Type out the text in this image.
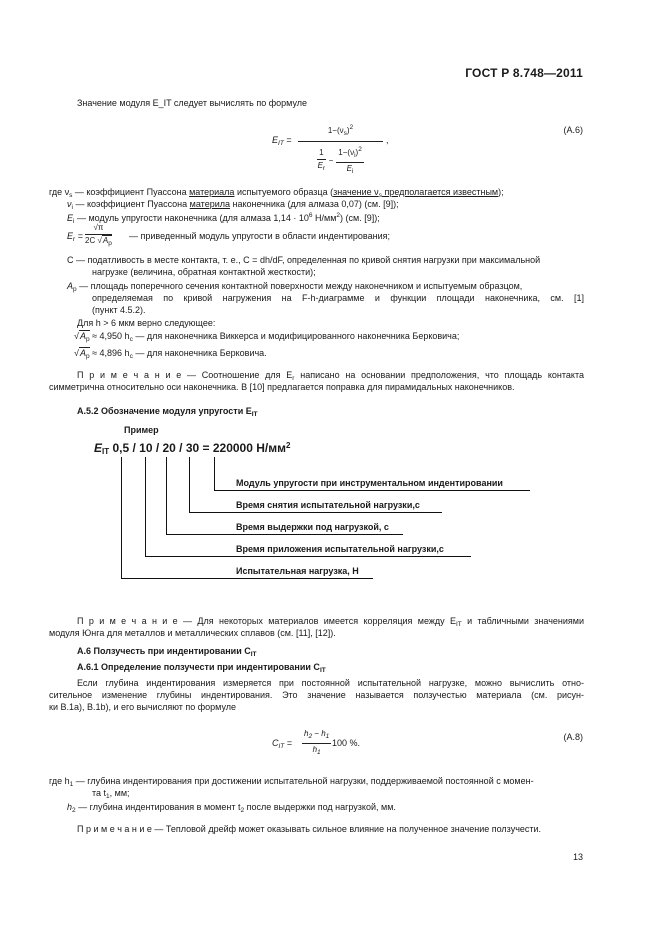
ГОСТ Р 8.748—2011
Значение модуля E_IT следует вычислять по формуле
$E_{IT}$ =
$1-(\nu_s)^2$
$\frac{1}{E_r} - \frac{1-(\nu_i)^2}{E_i}$
,
(А.6)
где $\nu_s$ — коэффициент Пуассона материала испытуемого образца (значение $\nu_s$ предполагается известным);
$\nu_i$ — коэффициент Пуассона материла наконечника (для алмаза 0,07) (см. [9]);
$E_i$ — модуль упругости наконечника (для алмаза $1,14 \cdot 10^6$ $Н/мм^2$) (см. [9]);
$E_r = \frac{√\pi}{2C √A_p}$ — приведенный модуль упругости в области индентирования;
C — податливость в месте контакта, т. е., C = dh/dF, определенная по кривой снятия нагрузки при максимальной
нагрузке (величина, обратная контактной жесткости);
$A_p$ — площадь поперечного сечения контактной поверхности между наконечником и испытуемым образцом,
определяемая по кривой нагружения на F-h-диаграмме и функции площади наконечника, см. [1]
(пункт 4.5.2).
Для h > 6 мкм верно следующее:
$√A_p \approx 4,950$ $h_c$ — для наконечника Виккерса и модифицированного наконечника Берковича;
$√A_p \approx 4,896$ $h_c$ — для наконечника Берковича.
П р и м е ч а н и е — Соотношение для $E_r$ написано на основании предположения, что площадь контакта
симметрична относительно оси наконечника. В [10] предлагается поправка для пирамидальных наконечников.
А.5.2 Обозначение модуля упругости $E_{IT}$
Пример
$E_{IT}$ 0,5 / 10 / 20 / 30 = 220000 $Н/мм^2$
Модуль упругости при инструментальном индентировании
Время снятия испытательной нагрузки,с
Время выдержки под нагрузкой, с
Время приложения испытательной нагрузки,с
Испытательная нагрузка, Н
П р и м е ч а н и е — Для некоторых материалов имеется корреляция между $E_{IT}$ и табличными значениями
модуля Юнга для металлов и металлических сплавов (см. [11], [12]).
А.6 Ползучесть при индентировании $C_{IT}$
А.6.1 Определение ползучести при индентировании $C_{IT}$
Если глубина индентирования измеряется при постоянной испытательной нагрузке, можно вычислить отно-
сительное изменение глубины индентирования. Это значение называется ползучестью материала (см. рисун-
ки В.1а), В.1b), и его вычисляют по формуле
$C_{IT} = \frac{h_2 - h_1}{h_1} 100$ %.
(А.8)
где $h_1$ — глубина индентирования при достижении испытательной нагрузки, поддерживаемой постоянной с момен-
та $t_1$, мм;
$h_2$ — глубина индентирования в момент $t_2$ после выдержки под нагрузкой, мм.
П р и м е ч а н и е — Тепловой дрейф может оказывать сильное влияние на полученное значение ползучести.
13
